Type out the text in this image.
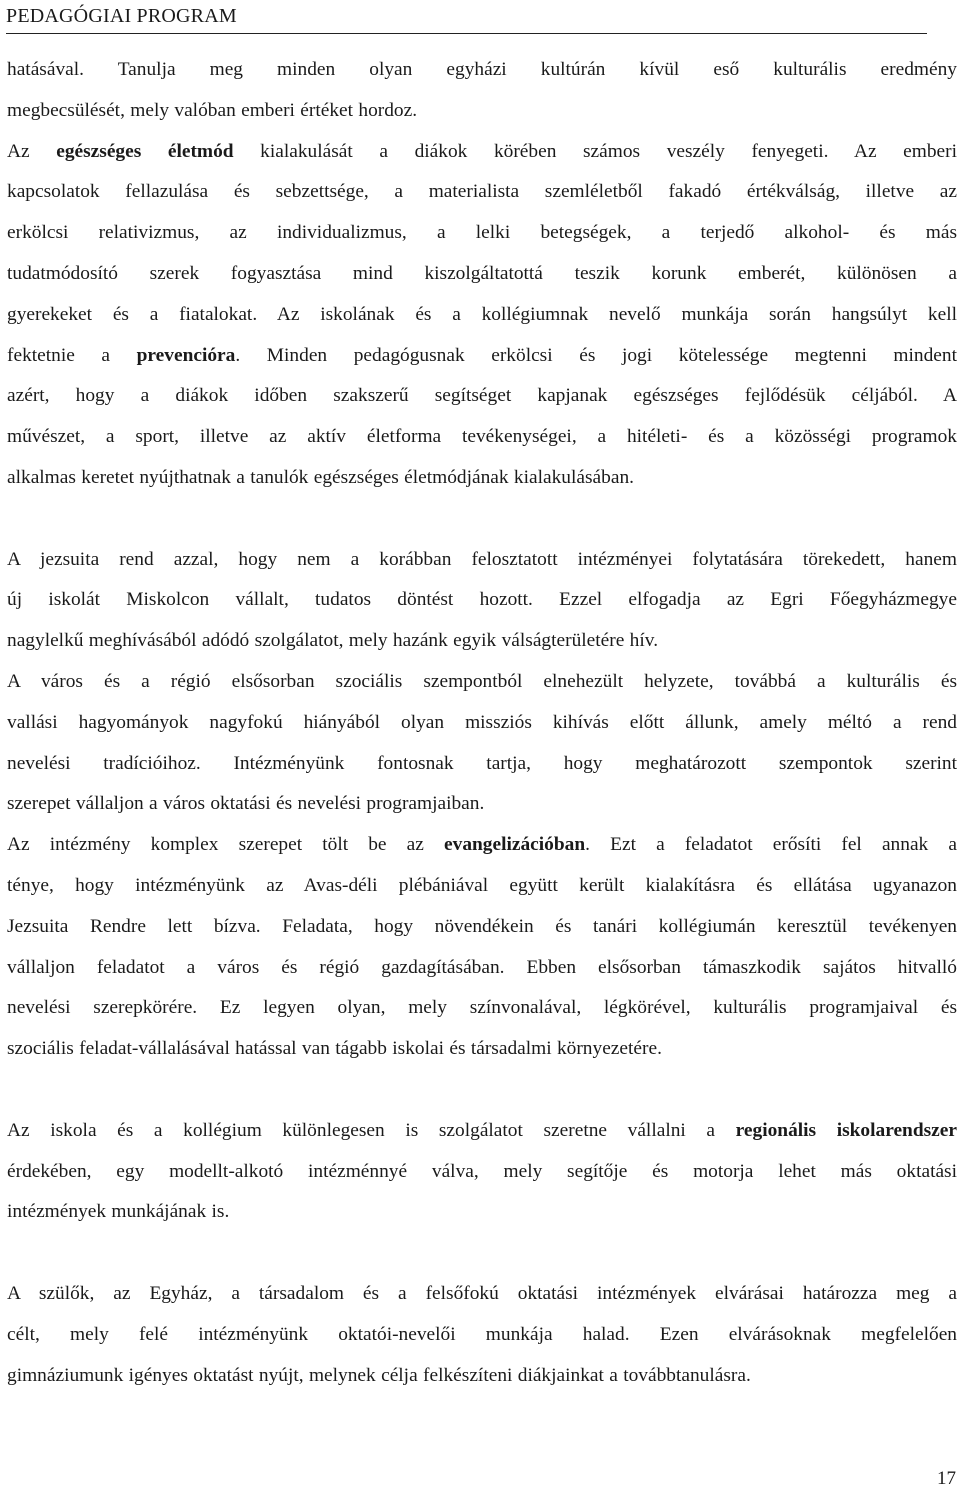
PEDAGÓGIAI PROGRAM
hatásával. Tanulja meg minden olyan egyházi kultúrán kívül eső kulturális eredmény
megbecsülését, mely valóban emberi értéket hordoz.
Az egészséges életmód kialakulását a diákok körében számos veszély fenyegeti. Az emberi
kapcsolatok fellazulása és sebzettsége, a materialista szemléletből fakadó értékválság, illetve az
erkölcsi relativizmus, az individualizmus, a lelki betegségek, a terjedő alkohol- és más
tudatmódosító szerek fogyasztása mind kiszolgáltatottá teszik korunk emberét, különösen a
gyerekeket és a fiatalokat. Az iskolának és a kollégiumnak nevelő munkája során hangsúlyt kell
fektetnie a prevencióra. Minden pedagógusnak erkölcsi és jogi kötelessége megtenni mindent
azért, hogy a diákok időben szakszerű segítséget kapjanak egészséges fejlődésük céljából. A
művészet, a sport, illetve az aktív életforma tevékenységei, a hitéleti- és a közösségi programok
alkalmas keretet nyújthatnak a tanulók egészséges életmódjának kialakulásában.
A jezsuita rend azzal, hogy nem a korábban felosztatott intézményei folytatására törekedett, hanem
új iskolát Miskolcon vállalt, tudatos döntést hozott. Ezzel elfogadja az Egri Főegyházmegye
nagylelkű meghívásából adódó szolgálatot, mely hazánk egyik válságterületére hív.
A város és a régió elsősorban szociális szempontból elnehezült helyzete, továbbá a kulturális és
vallási hagyományok nagyfokú hiányából olyan missziós kihívás előtt állunk, amely méltó a rend
nevelési tradícióihoz. Intézményünk fontosnak tartja, hogy meghatározott szempontok szerint
szerepet vállaljon a város oktatási és nevelési programjaiban.
Az intézmény komplex szerepet tölt be az evangelizációban. Ezt a feladatot erősíti fel annak a
ténye, hogy intézményünk az Avas-déli plébániával együtt került kialakításra és ellátása ugyanazon
Jezsuita Rendre lett bízva. Feladata, hogy növendékein és tanári kollégiumán keresztül tevékenyen
vállaljon feladatot a város és régió gazdagításában. Ebben elsősorban támaszkodik sajátos hitvalló
nevelési szerepkörére. Ez legyen olyan, mely színvonalával, légkörével, kulturális programjaival és
szociális feladat-vállalásával hatással van tágabb iskolai és társadalmi környezetére.
Az iskola és a kollégium különlegesen is szolgálatot szeretne vállalni a regionális iskolarendszer
érdekében, egy modellt-alkotó intézménnyé válva, mely segítője és motorja lehet más oktatási
intézmények munkájának is.
A szülők, az Egyház, a társadalom és a felsőfokú oktatási intézmények elvárásai határozza meg a
célt, mely felé intézményünk oktatói-nevelői munkája halad. Ezen elvárásoknak megfelelően
gimnáziumunk igényes oktatást nyújt, melynek célja felkészíteni diákjainkat a továbbtanulásra.
17
